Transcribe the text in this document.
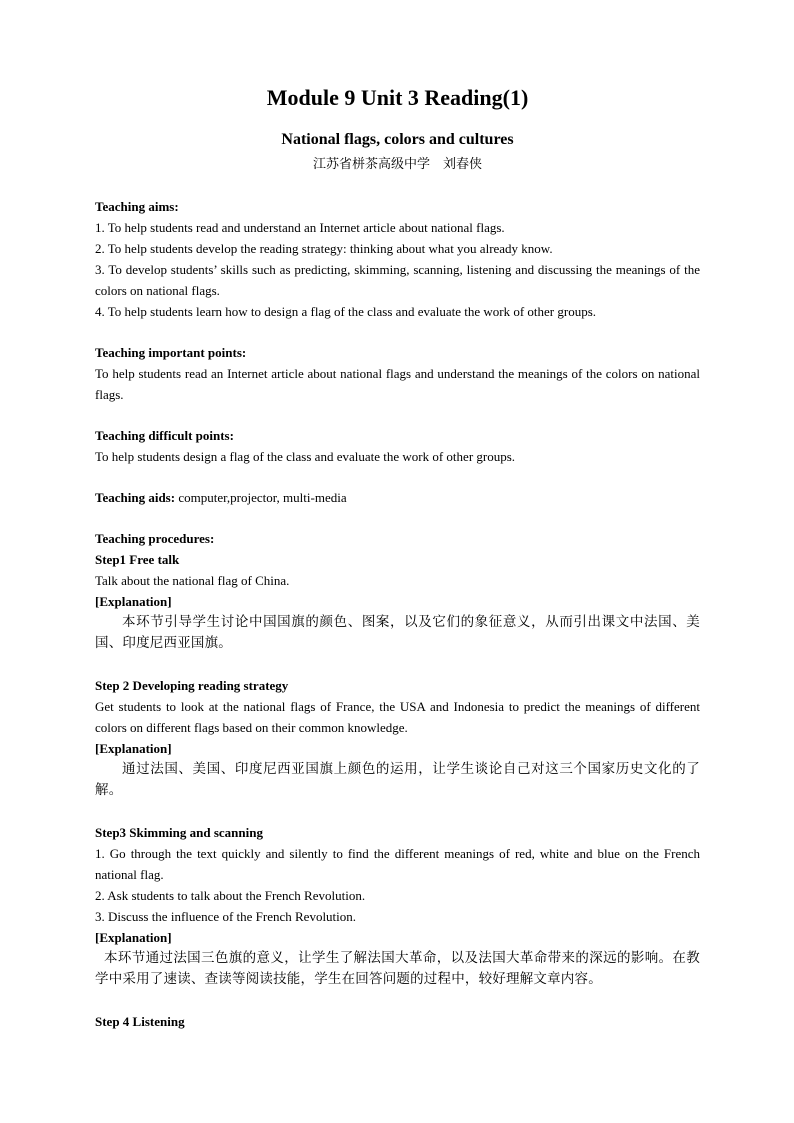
Module 9 Unit 3 Reading(1)
National flags, colors and cultures

江苏省栟茶高级中学　刘春侠

Teaching aims:

1. To help students read and understand an Internet article about national flags.

2. To help students develop the reading strategy: thinking about what you already know.

3. To develop students’ skills such as predicting, skimming, scanning, listening and discussing the meanings of the colors on national flags.

4. To help students learn how to design a flag of the class and evaluate the work of other groups.

Teaching important points:

To help students read an Internet article about national flags and understand the meanings of the colors on national flags.

Teaching difficult points:

To help students design a flag of the class and evaluate the work of other groups.

Teaching aids: computer,projector, multi-media

Teaching procedures:

Step1 Free talk

Talk about the national flag of China.

[Explanation]

本环节引导学生讨论中国国旗的颜色、图案，以及它们的象征意义，从而引出课文中法国、美国、印度尼西亚国旗。

Step 2 Developing reading strategy

Get students to look at the national flags of France, the USA and Indonesia to predict the meanings of different colors on different flags based on their common knowledge.

[Explanation]

通过法国、美国、印度尼西亚国旗上颜色的运用，让学生谈论自己对这三个国家历史文化的了解。

Step3 Skimming and scanning

1. Go through the text quickly and silently to find the different meanings of red, white and blue on the French national flag.

2. Ask students to talk about the French Revolution.

3. Discuss the influence of the French Revolution.

[Explanation]

本环节通过法国三色旗的意义，让学生了解法国大革命，以及法国大革命带来的深远的影响。在教学中采用了速读、查读等阅读技能，学生在回答问题的过程中，较好理解文章内容。

Step 4 Listening
